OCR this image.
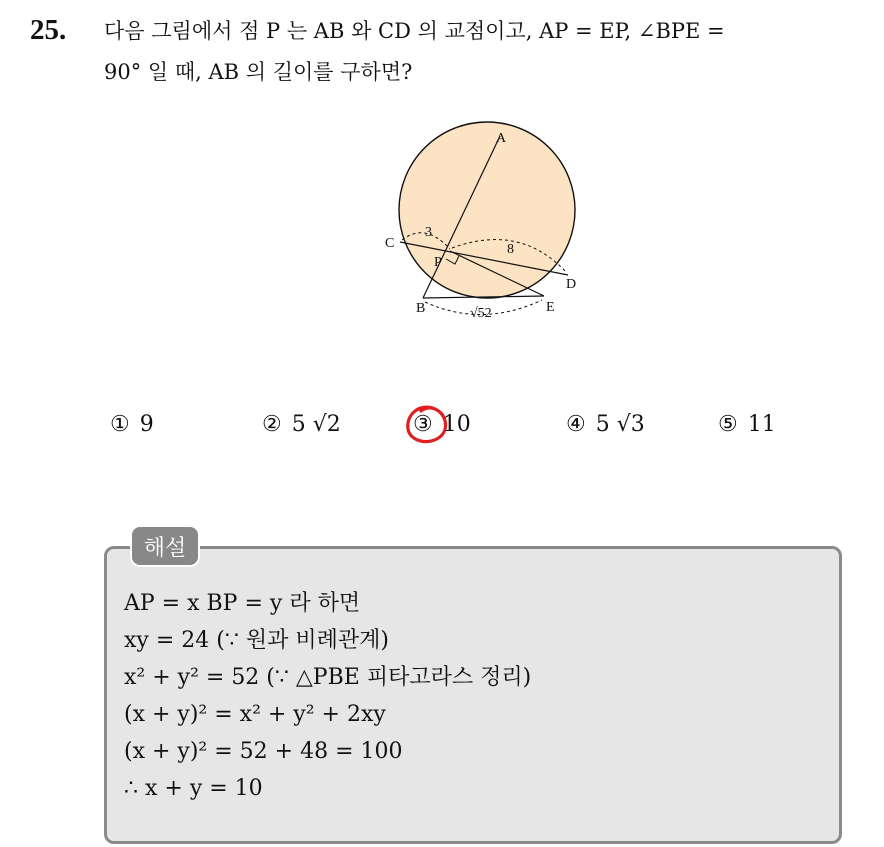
25. 다음 그림에서 점 P 는 AB 와 CD 의 교점이고, AP = EP, ∠BPE =
90° 일 때, AB 의 길이를 구하면?
A
B
C
D
E
P
3
8
√52
① 9	② 5 √2	③ 10	④ 5 √3	⑤ 11
해설
AP = x BP = y 라 하면
xy = 24 (∵ 원과 비례관계)
x² + y² = 52 (∵ △PBE 피타고라스 정리)
(x + y)² = x² + y² + 2xy
(x + y)² = 52 + 48 = 100
∴ x + y = 10
